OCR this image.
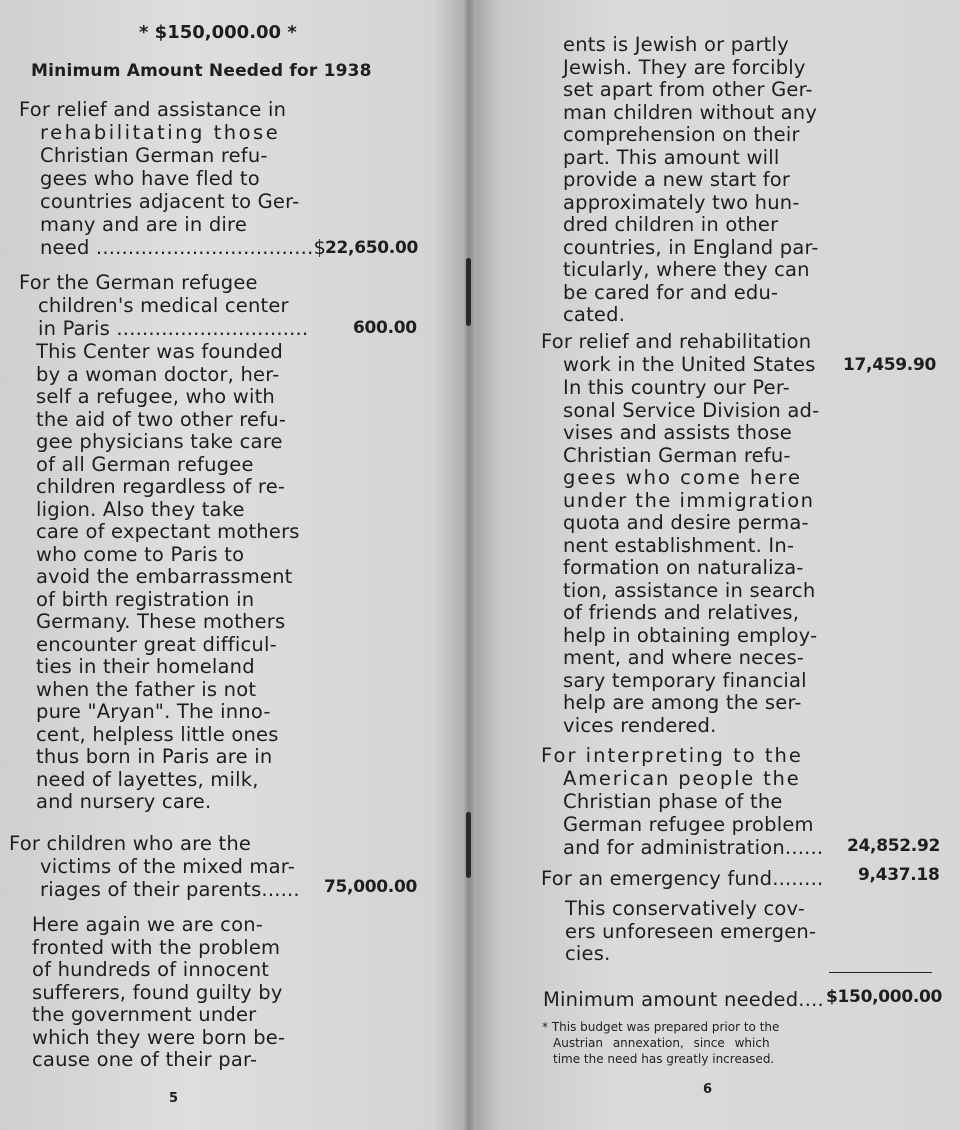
* $150,000.00 *

Minimum Amount Needed for 1938

For relief and assistance in

rehabilitating those

Christian German refu-

gees who have fled to

countries adjacent to Ger-

many and are in dire

need ..................................$

22,650.00

For the German refugee

children's medical center

in Paris ..............................	600.00

This Center was founded

by a woman doctor, her-

self a refugee, who with

the aid of two other refu-

gee physicians take care

of all German refugee

children regardless of re-

ligion. Also they take

care of expectant mothers

who come to Paris to

avoid the embarrassment

of birth registration in

Germany. These mothers

encounter great difficul-

ties in their homeland

when the father is not

pure "Aryan". The inno-

cent, helpless little ones

thus born in Paris are in

need of layettes, milk,

and nursery care.

For children who are the

victims of the mixed mar-

riages of their parents...... 75,000.00

Here again we are con-

fronted with the problem

of hundreds of innocent

sufferers, found guilty by

the government under

which they were born be-

cause one of their par-

5

ents is Jewish or partly

Jewish. They are forcibly

set apart from other Ger-

man children without any

comprehension on their

part. This amount will

provide a new start for

approximately two hun-

dred children in other

countries, in England par-

ticularly, where they can

be cared for and edu-

cated.

For relief and rehabilitation

work in the United States 17,459.90

In this country our Per-

sonal Service Division ad-

vises and assists those

Christian German refu-

gees who come here

under the immigration

quota and desire perma-

nent establishment. In-

formation on naturaliza-

tion, assistance in search

of friends and relatives,

help in obtaining employ-

ment, and where neces-

sary temporary financial

help are among the ser-

vices rendered.

For interpreting to the

American people the

Christian phase of the

German refugee problem

and for administration...... 24,852.92

For an emergency fund........ 9,437.18

This conservatively cov-

ers unforeseen emergen-

cies.

Minimum amount needed.... $150,000.00

* This budget was prepared prior to the

Austrian annexation, since which

time the need has greatly increased.

6
